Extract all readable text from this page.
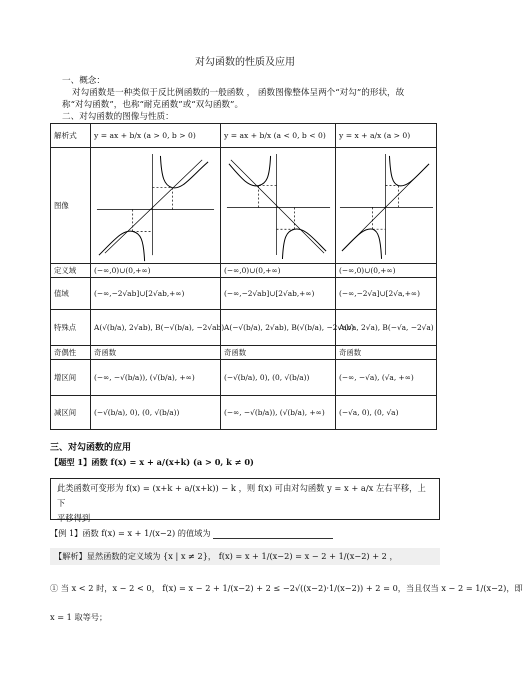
对勾函数的性质及应用
一、概念：
对勾函数是一种类似于反比例函数的一般函数 ， 函数图像整体呈两个“对勾”的形状，故
称“对勾函数”，也称“耐克函数”或“双勾函数”。
二、对勾函数的图像与性质：
解析式	y = ax + b/x (a > 0, b > 0)	y = ax + b/x (a < 0, b < 0)	y = x + a/x (a > 0)
图像	

定义域	(−∞,0)∪(0,+∞)	(−∞,0)∪(0,+∞)	(−∞,0)∪(0,+∞)
值域	(−∞,−2√ab]∪[2√ab,+∞)	(−∞,−2√ab]∪[2√ab,+∞)	(−∞,−2√a]∪[2√a,+∞)
特殊点	A(√(b/a), 2√ab), B(−√(b/a), −2√ab)	A(−√(b/a), 2√ab), B(√(b/a), −2√ab)	A(√a, 2√a), B(−√a, −2√a)
奇偶性	奇函数	奇函数	奇函数
增区间	(−∞, −√(b/a)), (√(b/a), +∞)	(−√(b/a), 0), (0, √(b/a))	(−∞, −√a), (√a, +∞)
减区间	(−√(b/a), 0), (0, √(b/a))	(−∞, −√(b/a)), (√(b/a), +∞)	(−√a, 0), (0, √a)
三、对勾函数的应用
【题型 1】函数 f(x) = x + a/(x+k) (a > 0, k ≠ 0)
此类函数可变形为 f(x) = (x+k + a/(x+k)) − k ，则 f(x) 可由对勾函数 y = x + a/x 左右平移，上下
平移得到
【例 1】函数 f(x) = x + 1/(x−2) 的值域为
【解析】显然函数的定义域为 {x | x ≠ 2}， f(x) = x + 1/(x−2) = x − 2 + 1/(x−2) + 2 ，
① 当 x < 2 时，x − 2 < 0， f(x) = x − 2 + 1/(x−2) + 2 ≤ −2√((x−2)·1/(x−2)) + 2 = 0，当且仅当 x − 2 = 1/(x−2)，即
x = 1 取等号；
